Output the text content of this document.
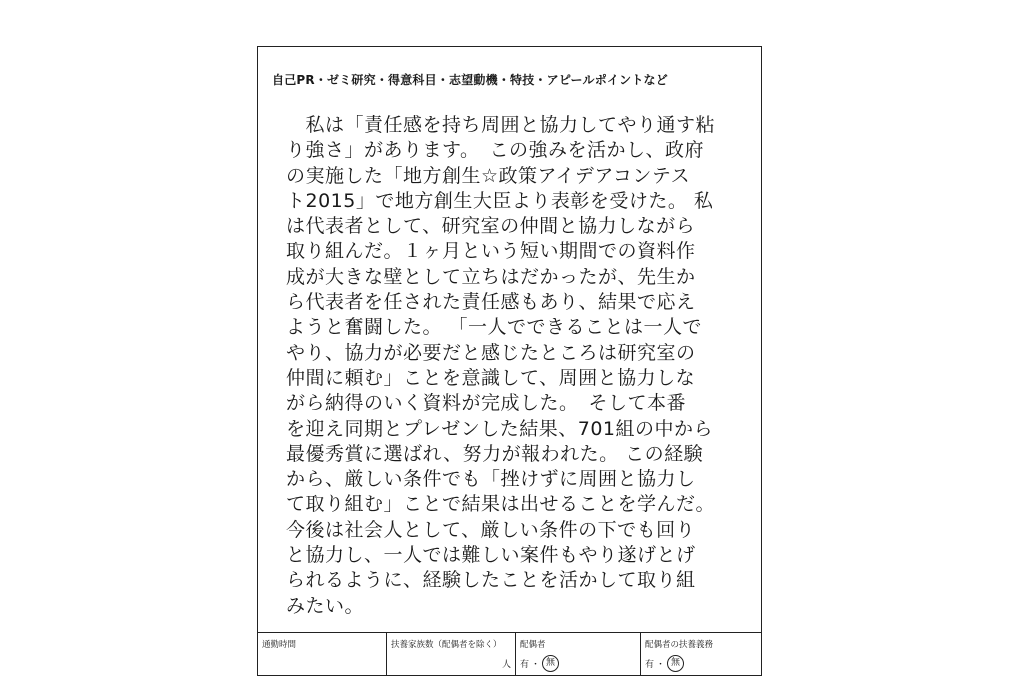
自己PR・ゼミ研究・得意科目・志望動機・特技・アピールポイントなど
　私は「責任感を持ち周囲と協力してやり通す粘
り強さ」があります。　この強みを活かし、政府
の実施した「地方創生☆政策アイデアコンテス
ト2015」で地方創生大臣より表彰を受けた。 私
は代表者として、研究室の仲間と協力しながら
取り組んだ。１ヶ月という短い期間での資料作
成が大きな壁として立ちはだかったが、先生か
ら代表者を任された責任感もあり、結果で応え
ようと奮闘した。 「一人でできることは一人で
やり、協力が必要だと感じたところは研究室の
仲間に頼む」ことを意識して、周囲と協力しな
がら納得のいく資料が完成した。　そして本番
を迎え同期とプレゼンした結果、701組の中から
最優秀賞に選ばれ、努力が報われた。 この経験
から、厳しい条件でも「挫けずに周囲と協力し
て取り組む」ことで結果は出せることを学んだ。
今後は社会人として、厳しい条件の下でも回り
と協力し、一人では難しい案件もやり遂げとげ
られるように、経験したことを活かして取り組
みたい。
通勤時間	扶養家族数（配偶者を除く）
人
配偶者
有 ・ 無
配偶者の扶養義務
有 ・ 無
